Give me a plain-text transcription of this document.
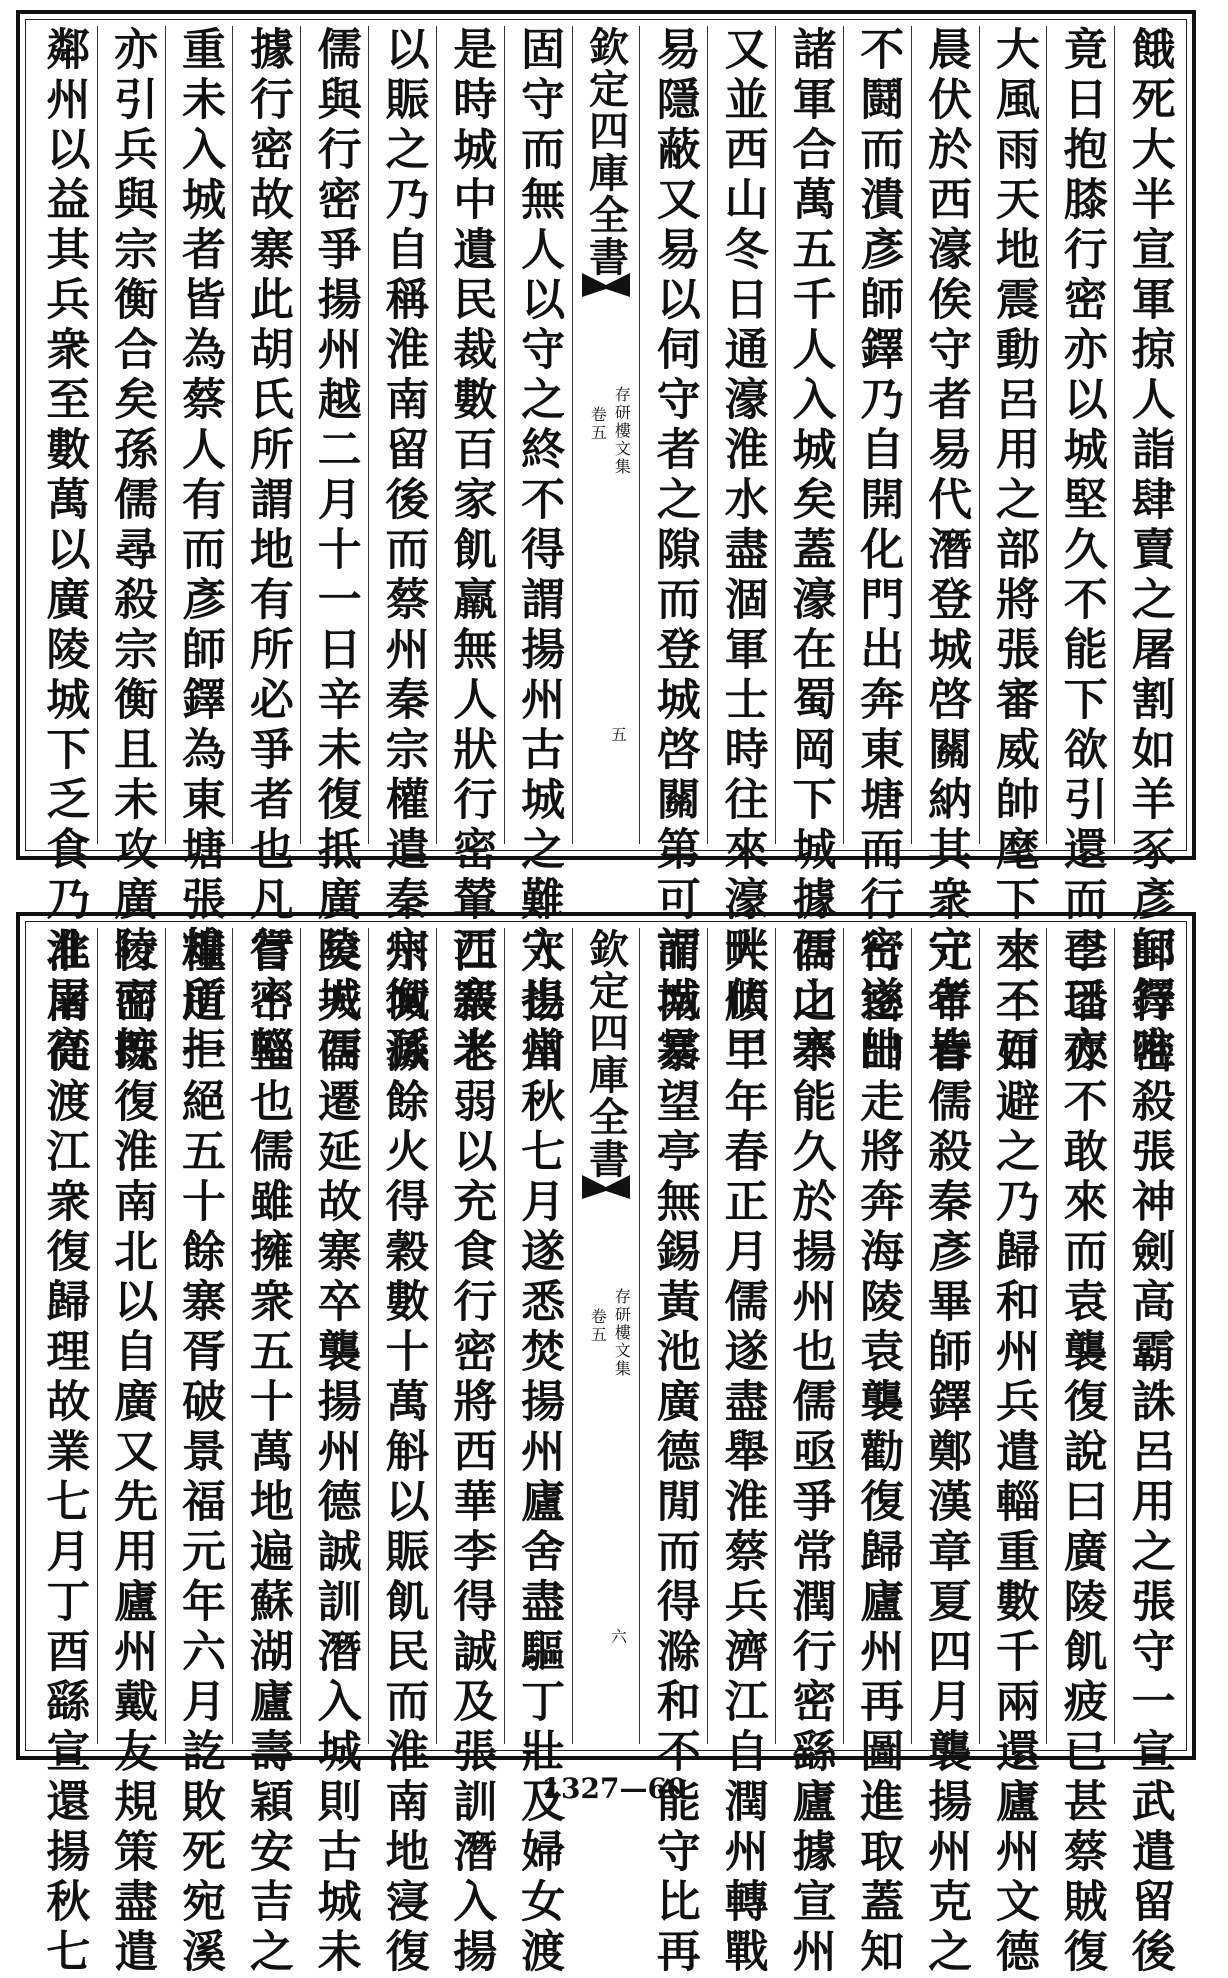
餓死大半宣軍掠人詣肆賣之屠割如羊豕彥師鐸唯
竟日抱膝行密亦以城堅久不能下欲引還而已已夜
大風雨天地震動呂用之部將張審威帥麾下士三百
晨伏於西濠俟守者易代潛登城啓關納其衆守者皆
不鬪而潰彥師鐸乃自開化門出奔東塘而行密遂帥
諸軍合萬五千人入城矣蓋濠在蜀岡下城據西山寨
又並西山冬日通濠淮水盡涸軍士時往來濠畔伏甲
易隱蔽又易以伺守者之隙而登城啓關第可謂城易
欽定四庫全書
存研樓文集
卷五
五
固守而無人以守之終不得謂揚州古城之難守也當
是時城中遺民裁數百家飢羸無人狀行密輦西寨米
以賑之乃自稱淮南留後而蔡州秦宗權遣秦宗衡孫
儒與行密爭揚州越二月十一日辛未復抵廣陵城西
據行密故寨此胡氏所謂地有所必爭者也凡行密輜
重未入城者皆為蔡人有而彥師鐸為東塘張雄所拒
亦引兵與宗衡合矣孫儒尋殺宗衡且未攻廣陵而掠
鄰州以益其兵衆至數萬以廣陵城下乏食乃北屠高
郵行密殺張神劍高霸誅呂用之張守一宣武遣留後
李璠亦不敢來而袁襲復說曰廣陵飢疲已甚蔡賊復
來不如避之乃歸和州兵遣輜重數千兩還廬州文德
元年春儒殺秦彥畢師鐸鄭漢章夏四月襲揚州克之
行密出走將奔海陵袁襲勸復歸廬州再圖進取蓋知
儒之不能久於揚州也儒亟爭常潤行密繇廬據宣州
大順二年春正月儒遂盡舉淮蔡兵濟江自潤州轉戰
而南寨望亭無錫黃池廣德閒而得滁和不能守比再
欽定四庫全書
存研樓文集
卷五
六
入揚州秋七月遂悉焚揚州廬舍盡驅丁壯及婦女渡
江殺老弱以充食行密將西華李得誠及張訓潛入揚
州城滅餘火得穀數十萬斛以賑飢民而淮南地寖復
矣夫儒遷延故寨卒襲揚州德誠訓潛入城則古城未
嘗不堅也儒雖擁衆五十萬地遍蘇湖廬壽穎安吉之
糧道一絕五十餘寨胥破景福元年六月訖敗死宛溪
行密既復淮南北以自廣又先用廬州戴友規策盡遣
淮南從渡江衆復歸理故業七月丁酉繇宣還揚秋七	1327—60
